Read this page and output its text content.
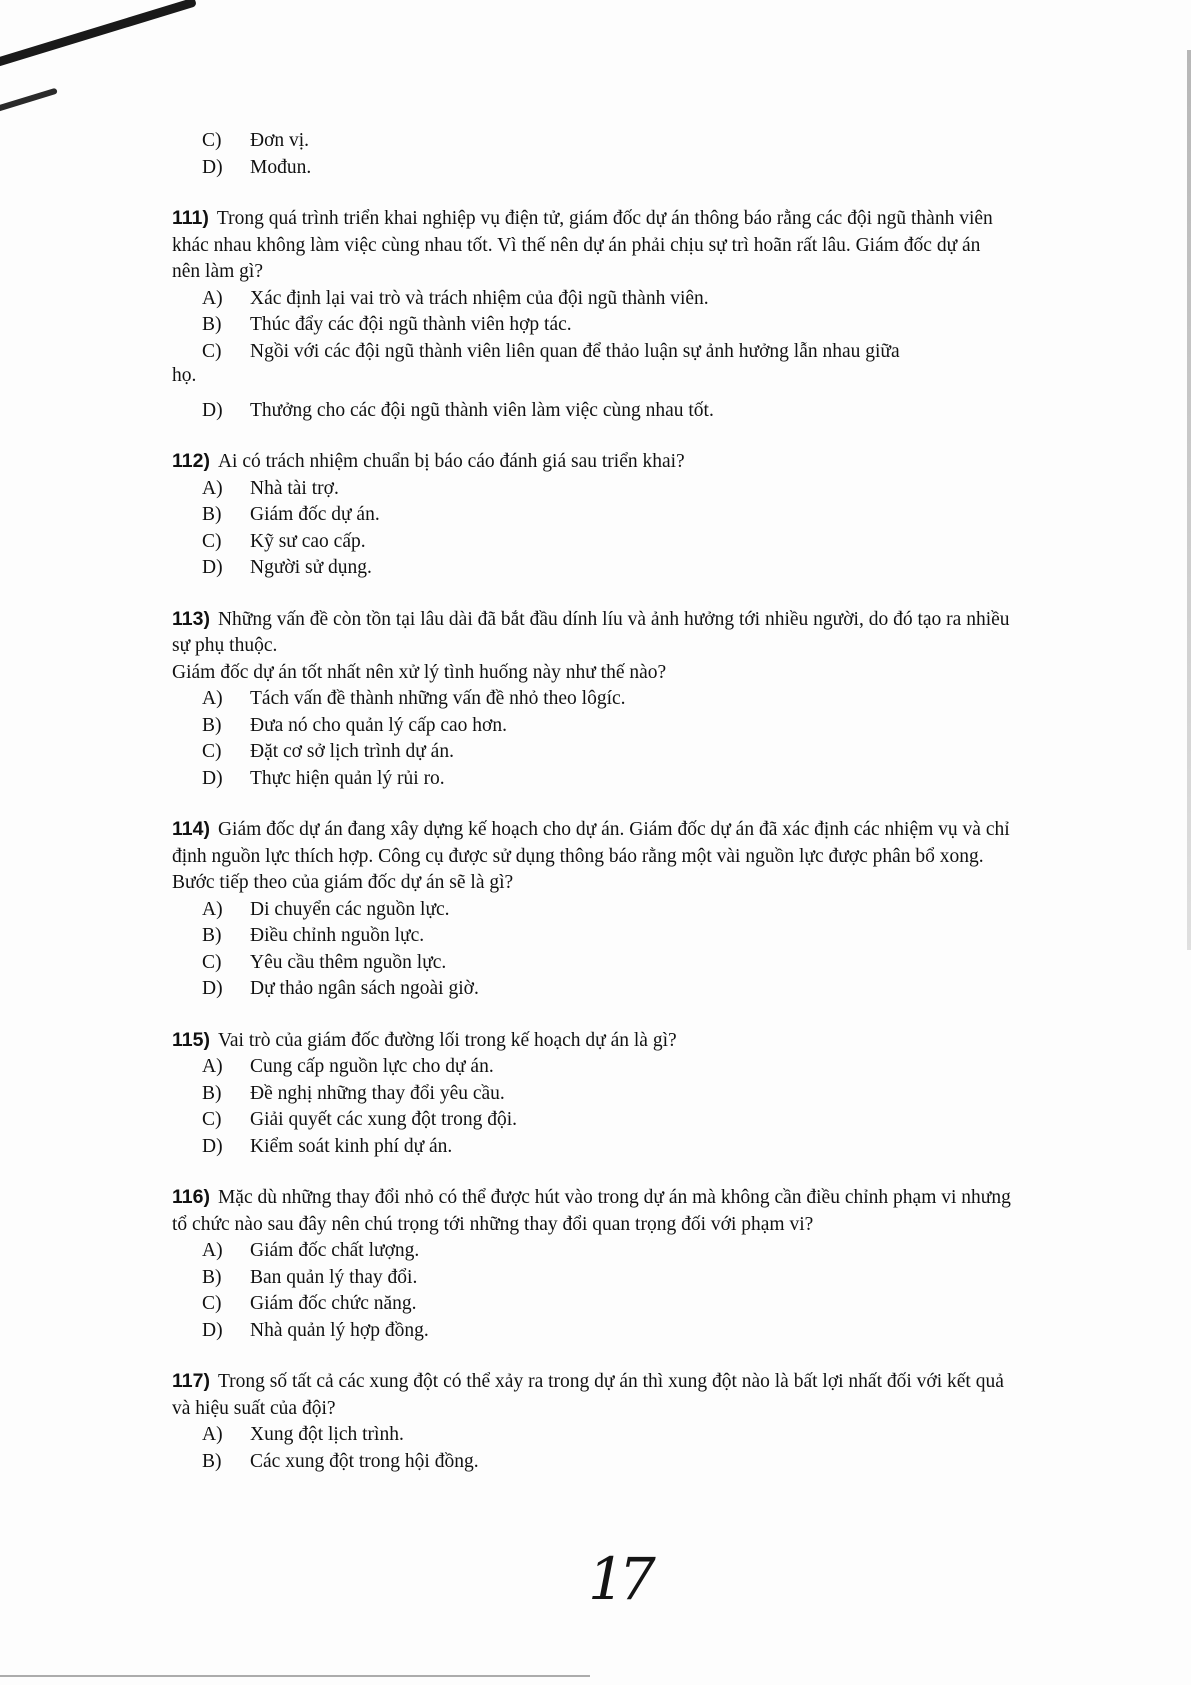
C)	Đơn vị.
D)	Mođun.
111) Trong quá trình triển khai nghiệp vụ điện tử, giám đốc dự án thông báo rằng các đội ngũ thành viên khác nhau không làm việc cùng nhau tốt. Vì thế nên dự án phải chịu sự trì hoãn rất lâu. Giám đốc dự án nên làm gì?
A)	Xác định lại vai trò và trách nhiệm của đội ngũ thành viên.
B)	Thúc đẩy các đội ngũ thành viên hợp tác.
C)	Ngồi với các đội ngũ thành viên liên quan để thảo luận sự ảnh hưởng lẫn nhau giữa
họ.
D)	Thưởng cho các đội ngũ thành viên làm việc cùng nhau tốt.
112) Ai có trách nhiệm chuẩn bị báo cáo đánh giá sau triển khai?
A)	Nhà tài trợ.
B)	Giám đốc dự án.
C)	Kỹ sư cao cấp.
D)	Người sử dụng.
113) Những vấn đề còn tồn tại lâu dài đã bắt đầu dính líu và ảnh hưởng tới nhiều người, do đó tạo ra nhiều sự phụ thuộc.
Giám đốc dự án tốt nhất nên xử lý tình huống này như thế nào?
A)	Tách vấn đề thành những vấn đề nhỏ theo lôgíc.
B)	Đưa nó cho quản lý cấp cao hơn.
C)	Đặt cơ sở lịch trình dự án.
D)	Thực hiện quản lý rủi ro.
114) Giám đốc dự án đang xây dựng kế hoạch cho dự án. Giám đốc dự án đã xác định các nhiệm vụ và chỉ định nguồn lực thích hợp. Công cụ được sử dụng thông báo rằng một vài nguồn lực được phân bổ xong. Bước tiếp theo của giám đốc dự án sẽ là gì?
A)	Di chuyển các nguồn lực.
B)	Điều chỉnh nguồn lực.
C)	Yêu cầu thêm nguồn lực.
D)	Dự thảo ngân sách ngoài giờ.
115) Vai trò của giám đốc đường lối trong kế hoạch dự án là gì?
A)	Cung cấp nguồn lực cho dự án.
B)	Đề nghị những thay đổi yêu cầu.
C)	Giải quyết các xung đột trong đội.
D)	Kiểm soát kinh phí dự án.
116) Mặc dù những thay đổi nhỏ có thể được hút vào trong dự án mà không cần điều chỉnh phạm vi nhưng tổ chức nào sau đây nên chú trọng tới những thay đổi quan trọng đối với phạm vi?
A)	Giám đốc chất lượng.
B)	Ban quản lý thay đổi.
C)	Giám đốc chức năng.
D)	Nhà quản lý hợp đồng.
117) Trong số tất cả các xung đột có thể xảy ra trong dự án thì xung đột nào là bất lợi nhất đối với kết quả và hiệu suất của đội?
A)	Xung đột lịch trình.
B)	Các xung đột trong hội đồng.
17
